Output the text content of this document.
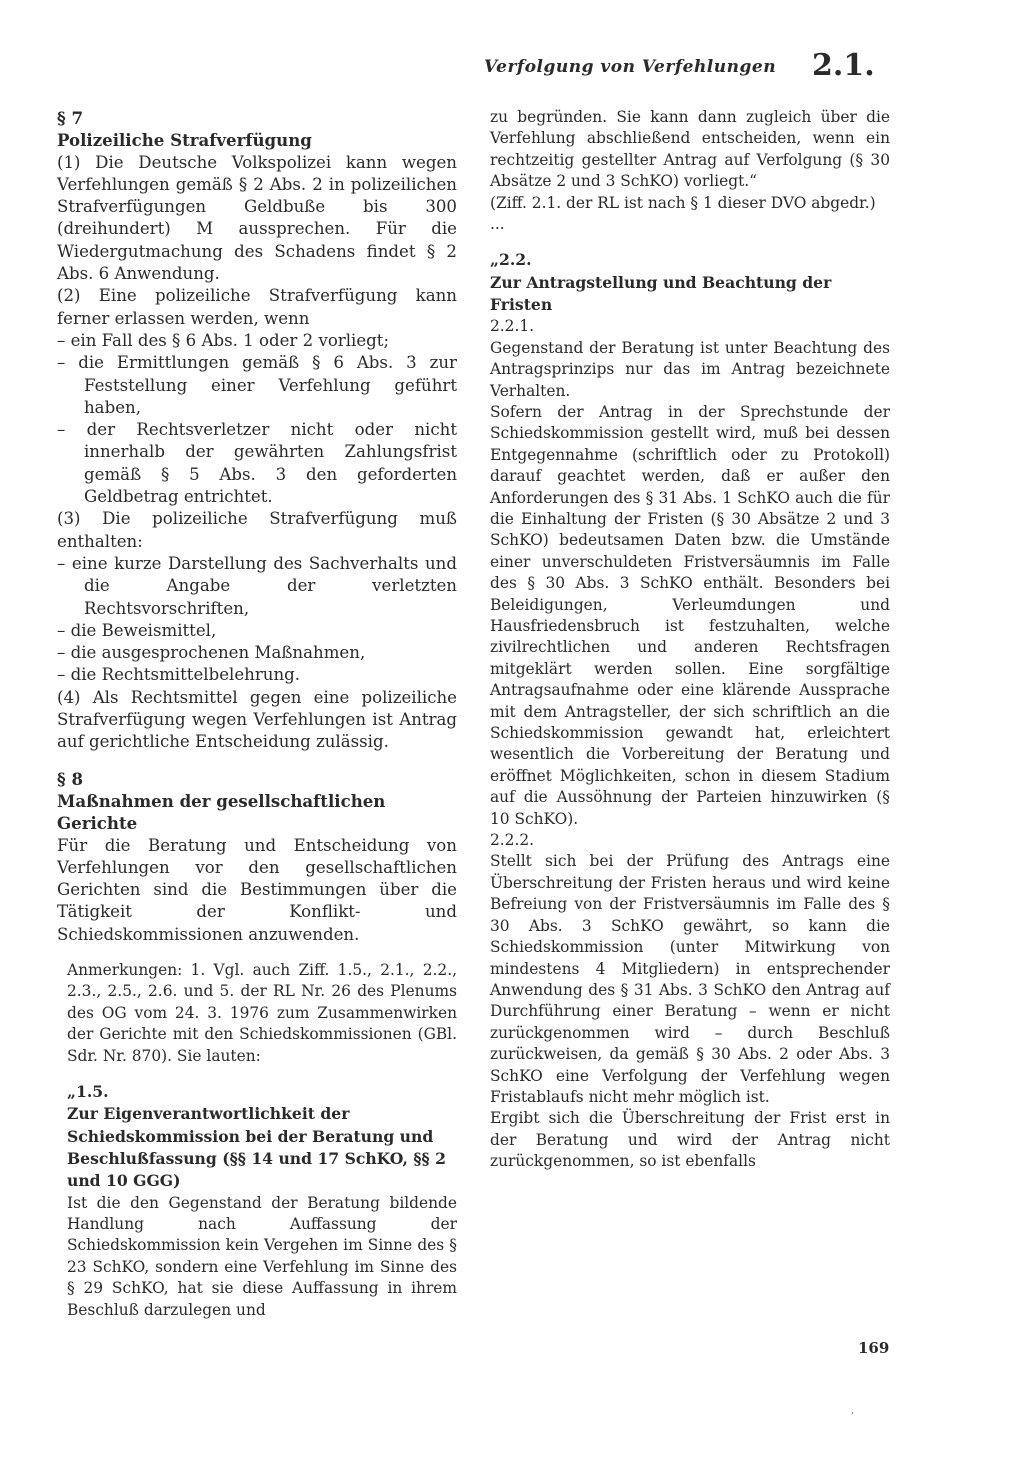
Verfolgung von Verfehlungen 2.1.

§ 7

Polizeiliche Strafverfügung

(1) Die Deutsche Volkspolizei kann wegen Verfehlungen gemäß § 2 Abs. 2 in polizeilichen Strafverfügungen Geldbuße bis 300 (dreihundert) M aussprechen. Für die Wiedergutmachung des Schadens findet § 2 Abs. 6 Anwendung.

(2) Eine polizeiliche Strafverfügung kann ferner erlassen werden, wenn

– ein Fall des § 6 Abs. 1 oder 2 vorliegt;

– die Ermittlungen gemäß § 6 Abs. 3 zur Feststellung einer Verfehlung geführt haben,

– der Rechtsverletzer nicht oder nicht innerhalb der gewährten Zahlungsfrist gemäß § 5 Abs. 3 den geforderten Geldbetrag entrichtet.

(3) Die polizeiliche Strafverfügung muß enthalten:

– eine kurze Darstellung des Sachverhalts und die Angabe der verletzten Rechtsvorschriften,

– die Beweismittel,

– die ausgesprochenen Maßnahmen,

– die Rechtsmittelbelehrung.

(4) Als Rechtsmittel gegen eine polizeiliche Strafverfügung wegen Verfehlungen ist Antrag auf gerichtliche Entscheidung zulässig.

§ 8

Maßnahmen der gesellschaftlichen Gerichte

Für die Beratung und Entscheidung von Verfehlungen vor den gesellschaftlichen Gerichten sind die Bestimmungen über die Tätigkeit der Konflikt- und Schiedskommissionen anzuwenden.

Anmerkungen: 1. Vgl. auch Ziff. 1.5., 2.1., 2.2., 2.3., 2.5., 2.6. und 5. der RL Nr. 26 des Plenums des OG vom 24. 3. 1976 zum Zusammenwirken der Gerichte mit den Schiedskommissionen (GBl. Sdr. Nr. 870). Sie lauten:

„1.5.

Zur Eigenverantwortlichkeit der Schiedskommission bei der Beratung und Beschlußfassung (§§ 14 und 17 SchKO, §§ 2 und 10 GGG)

Ist die den Gegenstand der Beratung bildende Handlung nach Auffassung der Schiedskommission kein Vergehen im Sinne des § 23 SchKO, sondern eine Verfehlung im Sinne des § 29 SchKO, hat sie diese Auffassung in ihrem Beschluß darzulegen und

zu begründen. Sie kann dann zugleich über die Verfehlung abschließend entscheiden, wenn ein rechtzeitig gestellter Antrag auf Verfolgung (§ 30 Absätze 2 und 3 SchKO) vorliegt.“

(Ziff. 2.1. der RL ist nach § 1 dieser DVO abgedr.)

...

„2.2.

Zur Antragstellung und Beachtung der Fristen

2.2.1.

Gegenstand der Beratung ist unter Beachtung des Antragsprinzips nur das im Antrag bezeichnete Verhalten.

Sofern der Antrag in der Sprechstunde der Schiedskommission gestellt wird, muß bei dessen Entgegennahme (schriftlich oder zu Protokoll) darauf geachtet werden, daß er außer den Anforderungen des § 31 Abs. 1 SchKO auch die für die Einhaltung der Fristen (§ 30 Absätze 2 und 3 SchKO) bedeutsamen Daten bzw. die Umstände einer unverschuldeten Fristversäumnis im Falle des § 30 Abs. 3 SchKO enthält. Besonders bei Beleidigungen, Verleumdungen und Hausfriedensbruch ist festzuhalten, welche zivilrechtlichen und anderen Rechtsfragen mitgeklärt werden sollen. Eine sorgfältige Antragsaufnahme oder eine klärende Aussprache mit dem Antragsteller, der sich schriftlich an die Schiedskommission gewandt hat, erleichtert wesentlich die Vorbereitung der Beratung und eröffnet Möglichkeiten, schon in diesem Stadium auf die Aussöhnung der Parteien hinzuwirken (§ 10 SchKO).

2.2.2.

Stellt sich bei der Prüfung des Antrags eine Überschreitung der Fristen heraus und wird keine Befreiung von der Fristversäumnis im Falle des § 30 Abs. 3 SchKO gewährt, so kann die Schiedskommission (unter Mitwirkung von mindestens 4 Mitgliedern) in entsprechender Anwendung des § 31 Abs. 3 SchKO den Antrag auf Durchführung einer Beratung – wenn er nicht zurückgenommen wird – durch Beschluß zurückweisen, da gemäß § 30 Abs. 2 oder Abs. 3 SchKO eine Verfolgung der Verfehlung wegen Fristablaufs nicht mehr möglich ist.

Ergibt sich die Überschreitung der Frist erst in der Beratung und wird der Antrag nicht zurückgenommen, so ist ebenfalls

169
,
